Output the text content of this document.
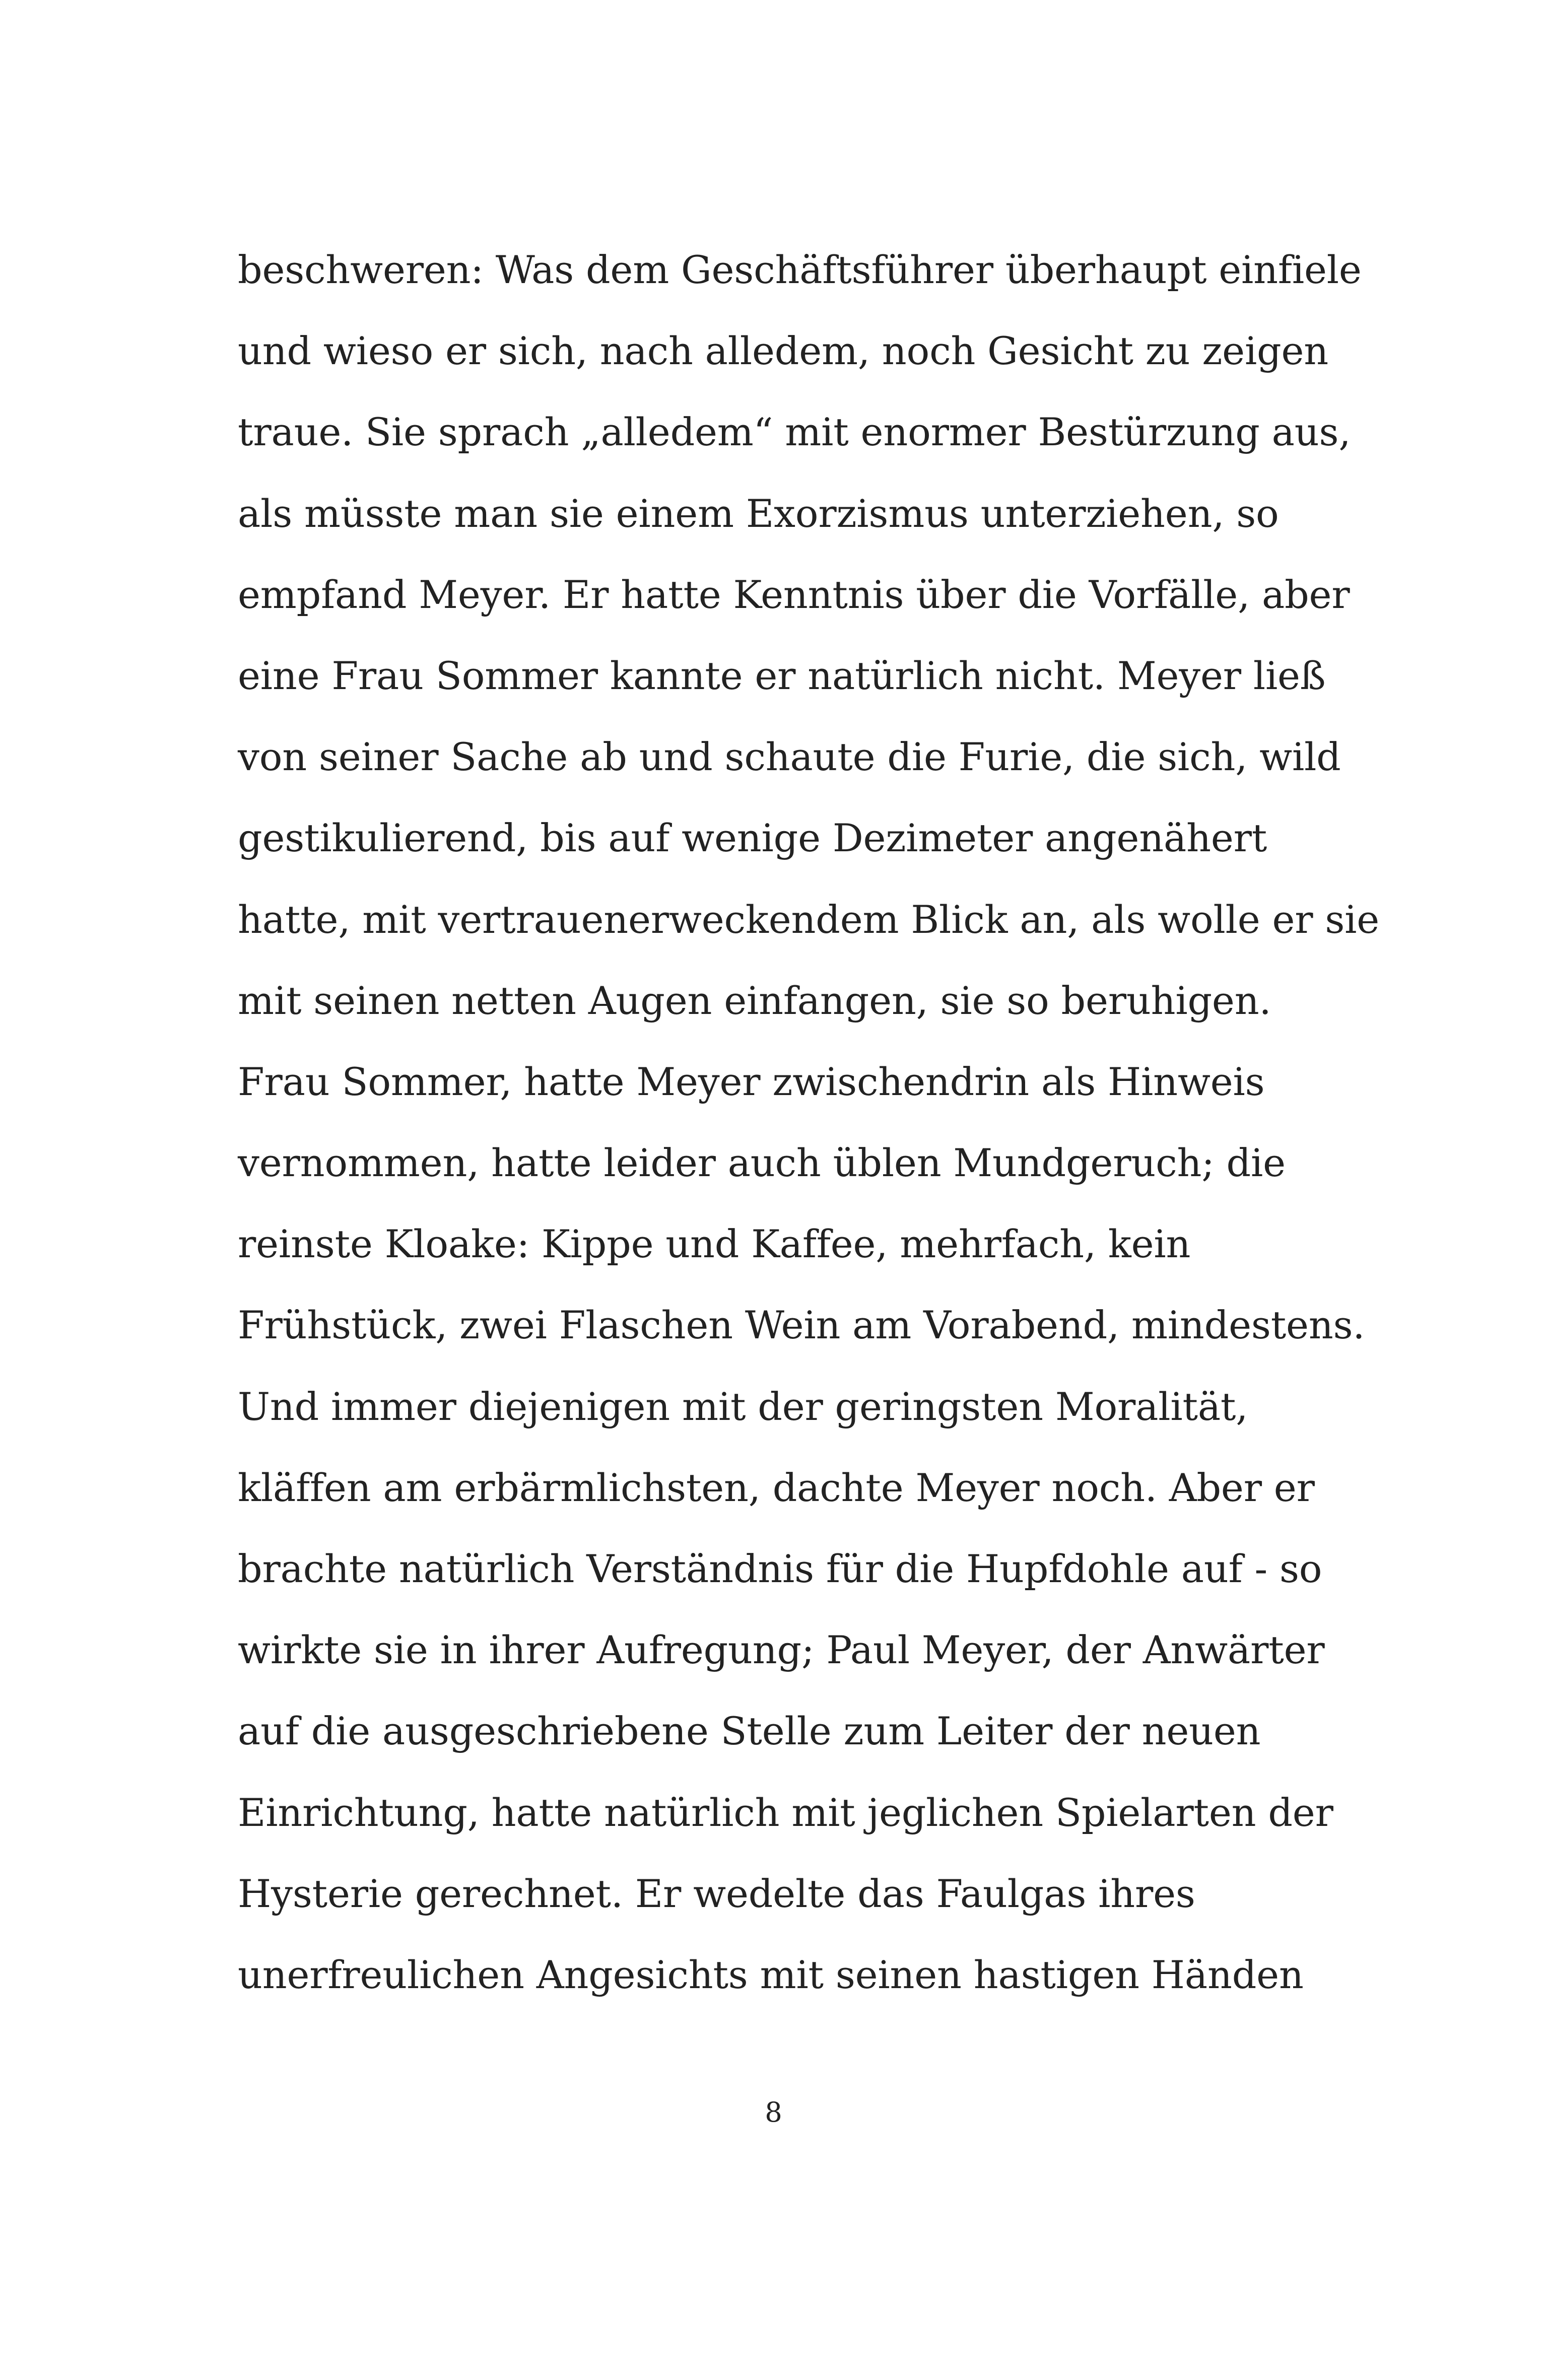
beschweren: Was dem Geschäftsführer überhaupt einfiele
und wieso er sich, nach alledem, noch Gesicht zu zeigen
traue. Sie sprach „alledem“ mit enormer Bestürzung aus,
als müsste man sie einem Exorzismus unterziehen, so
empfand Meyer. Er hatte Kenntnis über die Vorfälle, aber
eine Frau Sommer kannte er natürlich nicht. Meyer ließ
von seiner Sache ab und schaute die Furie, die sich, wild
gestikulierend, bis auf wenige Dezimeter angenähert
hatte, mit vertrauenerweckendem Blick an, als wolle er sie
mit seinen netten Augen einfangen, sie so beruhigen.
Frau Sommer, hatte Meyer zwischendrin als Hinweis
vernommen, hatte leider auch üblen Mundgeruch; die
reinste Kloake: Kippe und Kaffee, mehrfach, kein
Frühstück, zwei Flaschen Wein am Vorabend, mindestens.
Und immer diejenigen mit der geringsten Moralität,
kläffen am erbärmlichsten, dachte Meyer noch. Aber er
brachte natürlich Verständnis für die Hupfdohle auf - so
wirkte sie in ihrer Aufregung; Paul Meyer, der Anwärter
auf die ausgeschriebene Stelle zum Leiter der neuen
Einrichtung, hatte natürlich mit jeglichen Spielarten der
Hysterie gerechnet. Er wedelte das Faulgas ihres
unerfreulichen Angesichts mit seinen hastigen Händen
8
